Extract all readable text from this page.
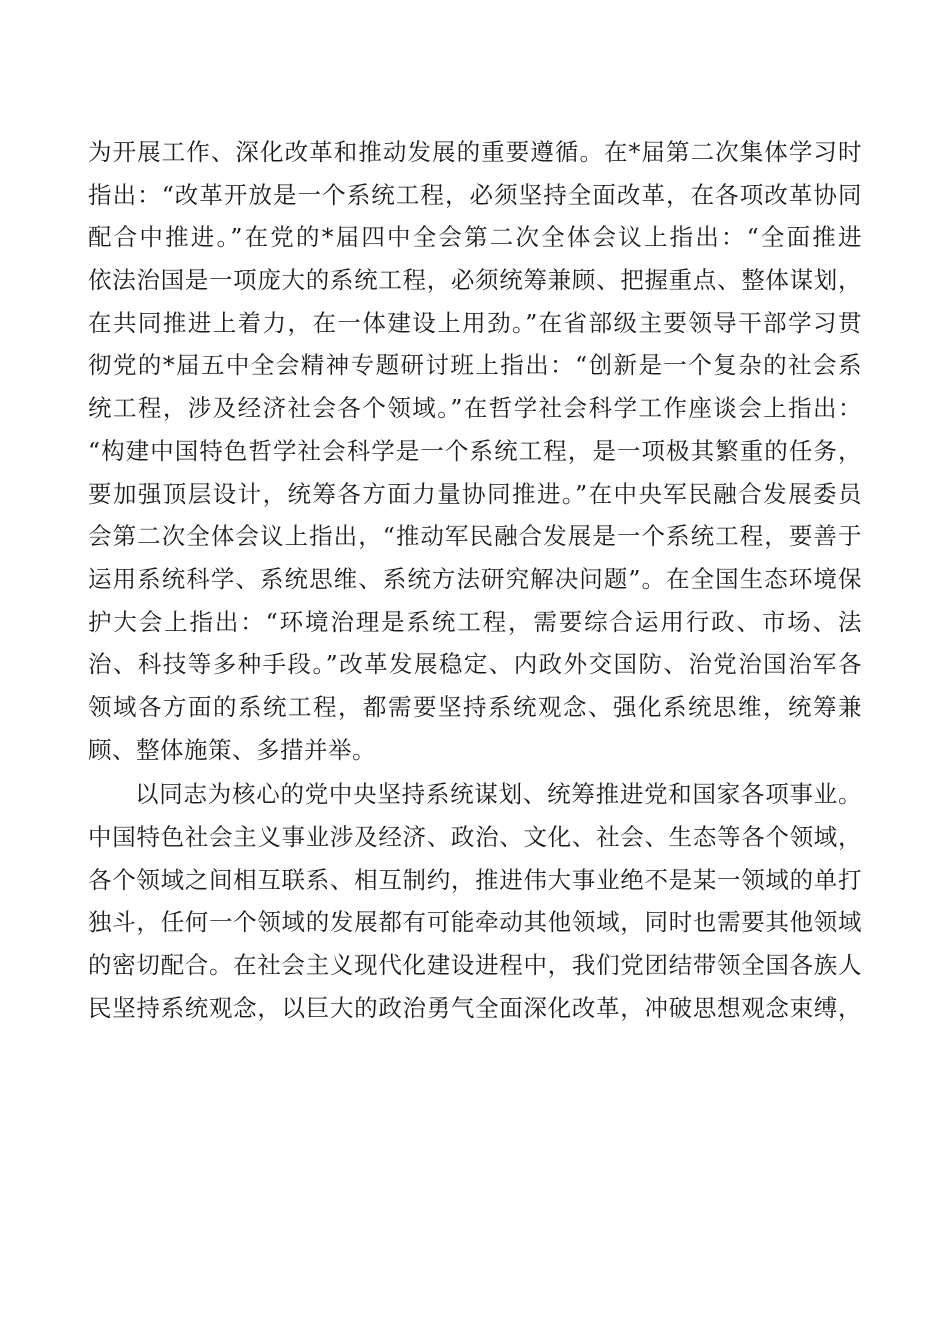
为开展工作、深化改革和推动发展的重要遵循。在*届第二次集体学习时
指出：“改革开放是一个系统工程，必须坚持全面改革，在各项改革协同
配合中推进。”在党的*届四中全会第二次全体会议上指出：“全面推进
依法治国是一项庞大的系统工程，必须统筹兼顾、把握重点、整体谋划，
在共同推进上着力，在一体建设上用劲。”在省部级主要领导干部学习贯
彻党的*届五中全会精神专题研讨班上指出：“创新是一个复杂的社会系
统工程，涉及经济社会各个领域。”在哲学社会科学工作座谈会上指出：
“构建中国特色哲学社会科学是一个系统工程，是一项极其繁重的任务，
要加强顶层设计，统筹各方面力量协同推进。”在中央军民融合发展委员
会第二次全体会议上指出，“推动军民融合发展是一个系统工程，要善于
运用系统科学、系统思维、系统方法研究解决问题”。在全国生态环境保
护大会上指出：“环境治理是系统工程，需要综合运用行政、市场、法
治、科技等多种手段。”改革发展稳定、内政外交国防、治党治国治军各
领域各方面的系统工程，都需要坚持系统观念、强化系统思维，统筹兼
顾、整体施策、多措并举。
以同志为核心的党中央坚持系统谋划、统筹推进党和国家各项事业。
中国特色社会主义事业涉及经济、政治、文化、社会、生态等各个领域，
各个领域之间相互联系、相互制约，推进伟大事业绝不是某一领域的单打
独斗，任何一个领域的发展都有可能牵动其他领域，同时也需要其他领域
的密切配合。在社会主义现代化建设进程中，我们党团结带领全国各族人
民坚持系统观念，以巨大的政治勇气全面深化改革，冲破思想观念束缚，
